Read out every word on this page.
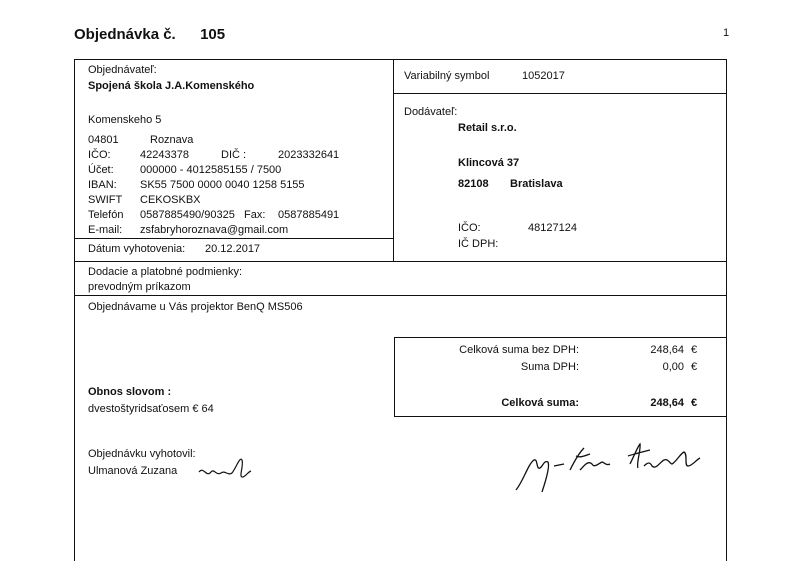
Objednávka č. 105	1
Objednávateľ:
Spojená škola J.A.Komenského
Komenskeho 5
04801	Roznava
IČO:	42243378	DIČ :	2023332641
Účet: 000000 - 4012585155 / 7500
IBAN: SK55 7500 0000 0040 1258 5155
SWIFT CEKOSKBX
Telefón 0587885490/90325 Fax: 0587885491
E-mail: zsfabryhoroznava@gmail.com
Dátum vyhotovenia: 20.12.2017
Variabilný symbol	1052017
Dodávateľ:
Retail s.r.o.
Klincová 37
82108 Bratislava
IČO:	48127124
IČ DPH:
Dodacie a platobné podmienky:
prevodným príkazom
Objednávame u Vás projektor BenQ MS506
Celková suma bez DPH:	248,64 €
Suma DPH:	0,00 €
Celková suma:	248,64 €
Obnos slovom :
dvestoštyridsaťosem € 64
Objednávku vyhotovil:
Ulmanová Zuzana
